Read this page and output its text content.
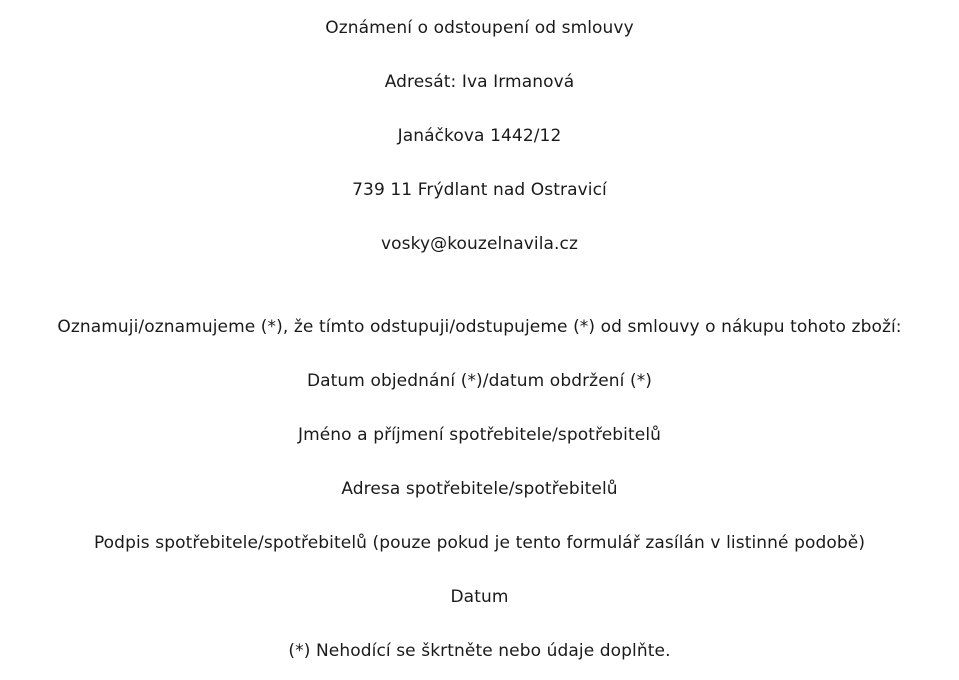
Oznámení o odstoupení od smlouvy
Adresát: Iva Irmanová
Janáčkova 1442/12
739 11 Frýdlant nad Ostravicí
vosky@kouzelnavila.cz
Oznamuji/oznamujeme (*), že tímto odstupuji/odstupujeme (*) od smlouvy o nákupu tohoto zboží:
Datum objednání (*)/datum obdržení (*)
Jméno a příjmení spotřebitele/spotřebitelů
Adresa spotřebitele/spotřebitelů
Podpis spotřebitele/spotřebitelů (pouze pokud je tento formulář zasílán v listinné podobě)
Datum
(*) Nehodící se škrtněte nebo údaje doplňte.
